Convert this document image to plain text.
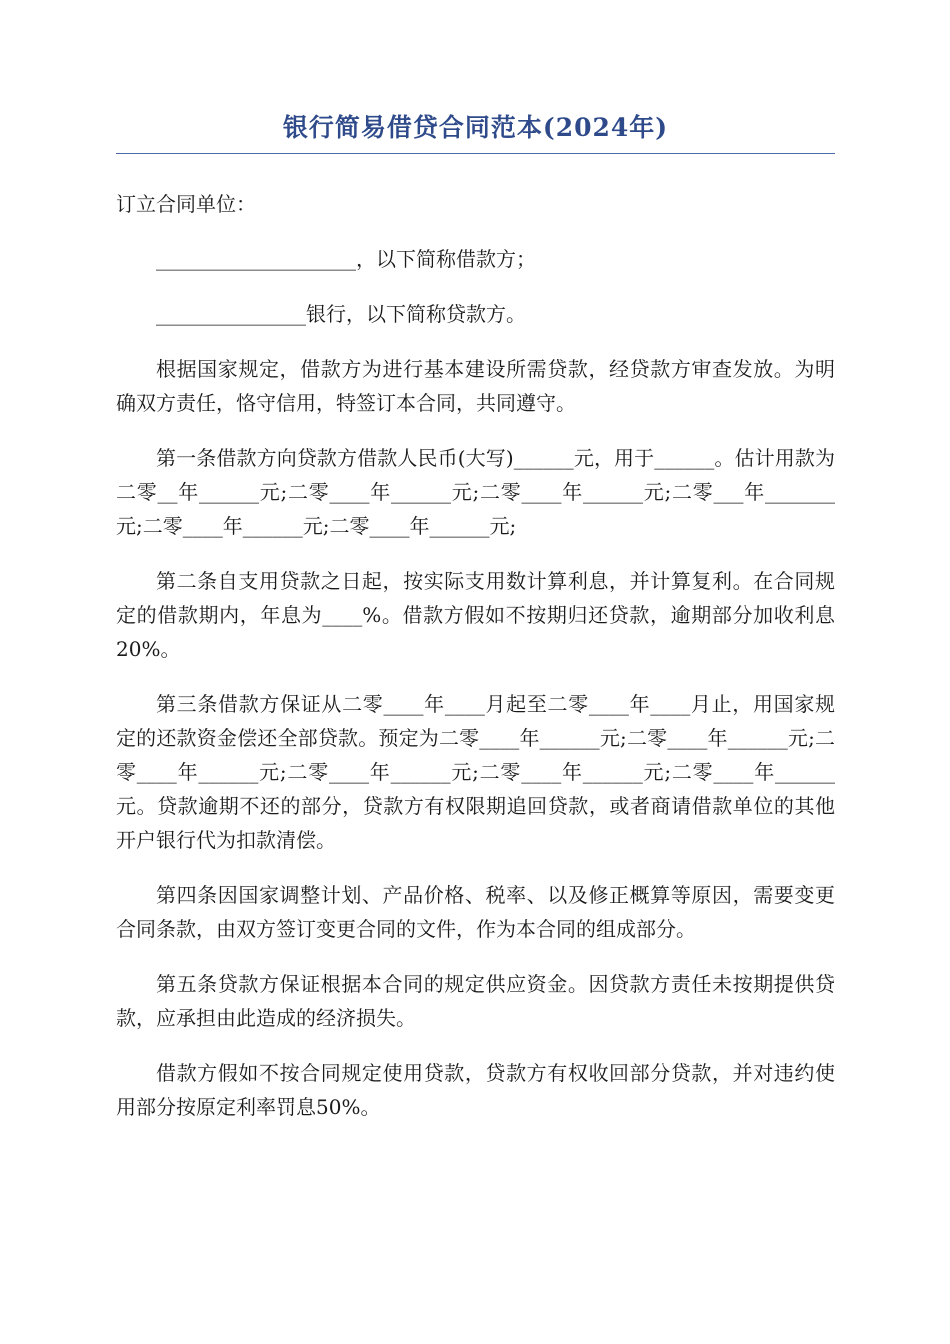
银行简易借贷合同范本(2024年)

订立合同单位：

____________________，以下简称借款方；

_______________银行，以下简称贷款方。

根据国家规定，借款方为进行基本建设所需贷款，经贷款方审查发放。为明确双方责任，恪守信用，特签订本合同，共同遵守。

第一条借款方向贷款方借款人民币(大写)______元，用于______。估计用款为二零__年______元;二零____年______元;二零____年______元;二零___年_______元;二零____年______元;二零____年______元;

第二条自支用贷款之日起，按实际支用数计算利息，并计算复利。在合同规定的借款期内，年息为____%。借款方假如不按期归还贷款，逾期部分加收利息20%。

第三条借款方保证从二零____年____月起至二零____年____月止，用国家规定的还款资金偿还全部贷款。预定为二零____年______元;二零____年______元;二零____年______元;二零____年______元;二零____年______元;二零____年______元。贷款逾期不还的部分，贷款方有权限期追回贷款，或者商请借款单位的其他开户银行代为扣款清偿。

第四条因国家调整计划、产品价格、税率、以及修正概算等原因，需要变更合同条款，由双方签订变更合同的文件，作为本合同的组成部分。

第五条贷款方保证根据本合同的规定供应资金。因贷款方责任未按期提供贷款，应承担由此造成的经济损失。

借款方假如不按合同规定使用贷款，贷款方有权收回部分贷款，并对违约使用部分按原定利率罚息50%。
